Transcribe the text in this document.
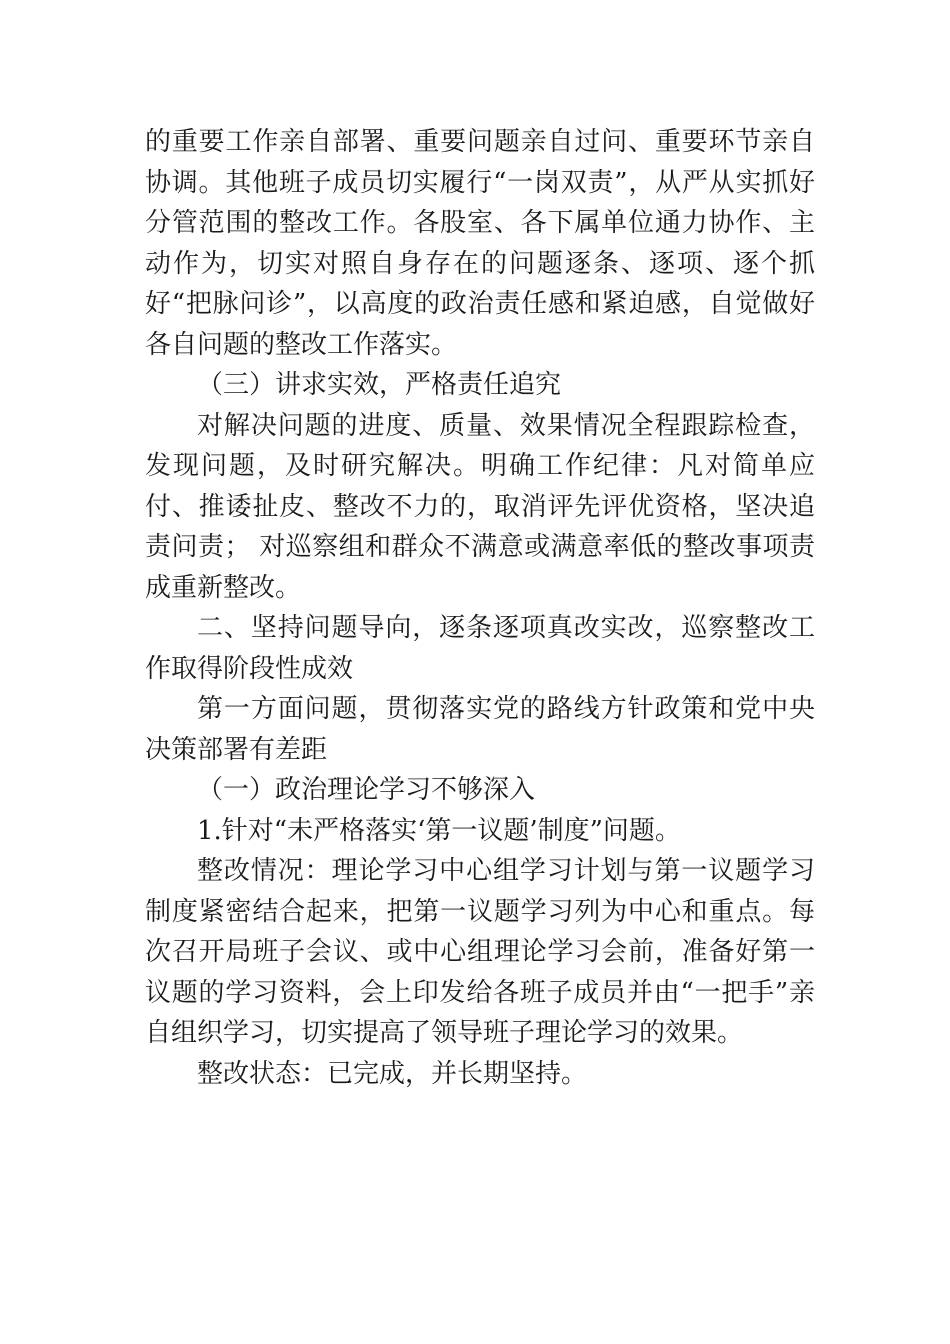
的重要工作亲自部署、重要问题亲自过问、重要环节亲自协调。其他班子成员切实履行“一岗双责”，从严从实抓好分管范围的整改工作。各股室、各下属单位通力协作、主动作为，切实对照自身存在的问题逐条、逐项、逐个抓好“把脉问诊”，以高度的政治责任感和紧迫感，自觉做好各自问题的整改工作落实。

（三）讲求实效，严格责任追究

对解决问题的进度、质量、效果情况全程跟踪检查，发现问题，及时研究解决。明确工作纪律：凡对简单应付、推诿扯皮、整改不力的，取消评先评优资格，坚决追责问责； 对巡察组和群众不满意或满意率低的整改事项责成重新整改。

二、坚持问题导向，逐条逐项真改实改，巡察整改工作取得阶段性成效

第一方面问题，贯彻落实党的路线方针政策和党中央决策部署有差距

（一）政治理论学习不够深入

1.针对“未严格落实‘第一议题’制度”问题。

整改情况：理论学习中心组学习计划与第一议题学习制度紧密结合起来，把第一议题学习列为中心和重点。每次召开局班子会议、或中心组理论学习会前，准备好第一议题的学习资料，会上印发给各班子成员并由“一把手”亲自组织学习，切实提高了领导班子理论学习的效果。

整改状态：已完成，并长期坚持。
